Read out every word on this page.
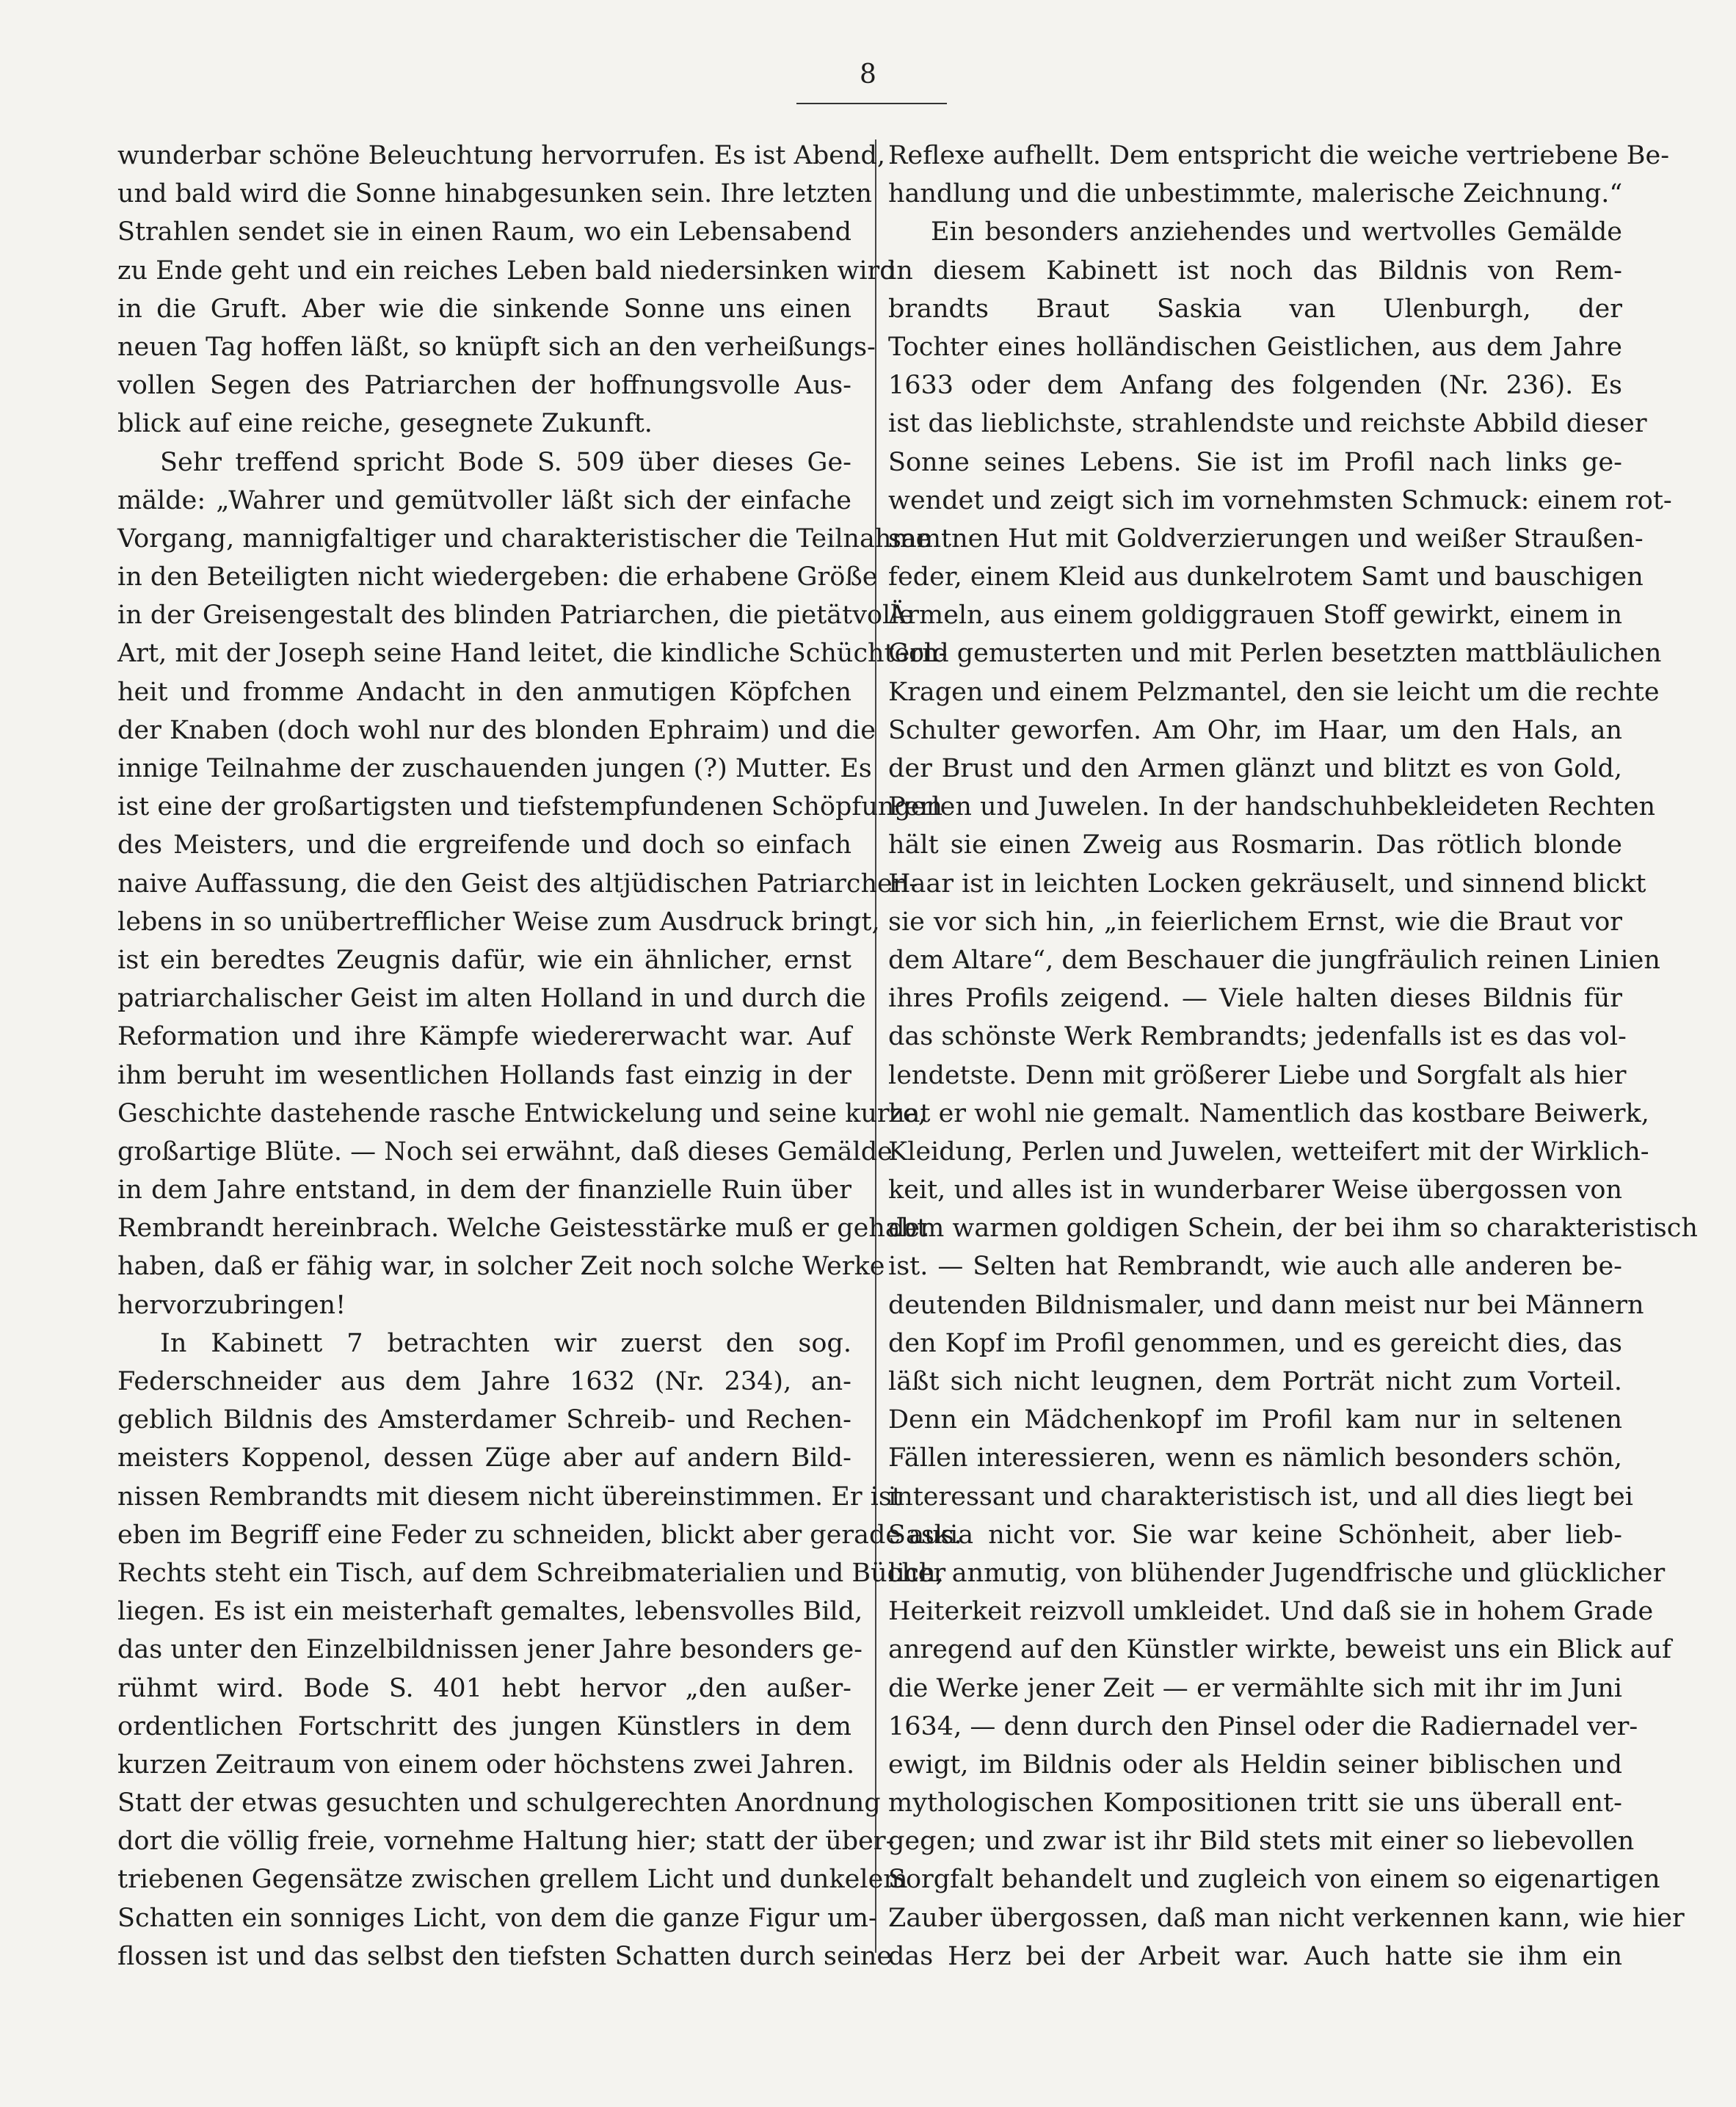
8
wunderbar schöne Beleuchtung hervorrufen. Es ist Abend,
und bald wird die Sonne hinabgesunken sein. Ihre letzten
Strahlen sendet sie in einen Raum, wo ein Lebensabend
zu Ende geht und ein reiches Leben bald niedersinken wird
in die Gruft. Aber wie die sinkende Sonne uns einen
neuen Tag hoffen läßt, so knüpft sich an den verheißungs-
vollen Segen des Patriarchen der hoffnungsvolle Aus-
blick auf eine reiche, gesegnete Zukunft.
Sehr treffend spricht Bode S. 509 über dieses Ge-
mälde: „Wahrer und gemütvoller läßt sich der einfache
Vorgang, mannigfaltiger und charakteristischer die Teilnahme
in den Beteiligten nicht wiedergeben: die erhabene Größe
in der Greisengestalt des blinden Patriarchen, die pietätvolle
Art, mit der Joseph seine Hand leitet, die kindliche Schüchtern-
heit und fromme Andacht in den anmutigen Köpfchen
der Knaben (doch wohl nur des blonden Ephraim) und die
innige Teilnahme der zuschauenden jungen (?) Mutter. Es
ist eine der großartigsten und tiefstempfundenen Schöpfungen
des Meisters, und die ergreifende und doch so einfach
naive Auffassung, die den Geist des altjüdischen Patriarchen-
lebens in so unübertrefflicher Weise zum Ausdruck bringt,
ist ein beredtes Zeugnis dafür, wie ein ähnlicher, ernst
patriarchalischer Geist im alten Holland in und durch die
Reformation und ihre Kämpfe wiedererwacht war. Auf
ihm beruht im wesentlichen Hollands fast einzig in der
Geschichte dastehende rasche Entwickelung und seine kurze,
großartige Blüte. — Noch sei erwähnt, daß dieses Gemälde
in dem Jahre entstand, in dem der finanzielle Ruin über
Rembrandt hereinbrach. Welche Geistesstärke muß er gehabt
haben, daß er fähig war, in solcher Zeit noch solche Werke
hervorzubringen!
In Kabinett 7 betrachten wir zuerst den sog.
Federschneider aus dem Jahre 1632 (Nr. 234), an-
geblich Bildnis des Amsterdamer Schreib- und Rechen-
meisters Koppenol, dessen Züge aber auf andern Bild-
nissen Rembrandts mit diesem nicht übereinstimmen. Er ist
eben im Begriff eine Feder zu schneiden, blickt aber gerade aus.
Rechts steht ein Tisch, auf dem Schreibmaterialien und Bücher
liegen. Es ist ein meisterhaft gemaltes, lebensvolles Bild,
das unter den Einzelbildnissen jener Jahre besonders ge-
rühmt wird. Bode S. 401 hebt hervor „den außer-
ordentlichen Fortschritt des jungen Künstlers in dem
kurzen Zeitraum von einem oder höchstens zwei Jahren.
Statt der etwas gesuchten und schulgerechten Anordnung
dort die völlig freie, vornehme Haltung hier; statt der über-
triebenen Gegensätze zwischen grellem Licht und dunkelem
Schatten ein sonniges Licht, von dem die ganze Figur um-
flossen ist und das selbst den tiefsten Schatten durch seine
Reflexe aufhellt. Dem entspricht die weiche vertriebene Be-
handlung und die unbestimmte, malerische Zeichnung.“
Ein besonders anziehendes und wertvolles Gemälde
in diesem Kabinett ist noch das Bildnis von Rem-
brandts Braut Saskia van Ulenburgh, der
Tochter eines holländischen Geistlichen, aus dem Jahre
1633 oder dem Anfang des folgenden (Nr. 236). Es
ist das lieblichste, strahlendste und reichste Abbild dieser
Sonne seines Lebens. Sie ist im Profil nach links ge-
wendet und zeigt sich im vornehmsten Schmuck: einem rot-
samtnen Hut mit Goldverzierungen und weißer Straußen-
feder, einem Kleid aus dunkelrotem Samt und bauschigen
Ärmeln, aus einem goldiggrauen Stoff gewirkt, einem in
Gold gemusterten und mit Perlen besetzten mattbläulichen
Kragen und einem Pelzmantel, den sie leicht um die rechte
Schulter geworfen. Am Ohr, im Haar, um den Hals, an
der Brust und den Armen glänzt und blitzt es von Gold,
Perlen und Juwelen. In der handschuhbekleideten Rechten
hält sie einen Zweig aus Rosmarin. Das rötlich blonde
Haar ist in leichten Locken gekräuselt, und sinnend blickt
sie vor sich hin, „in feierlichem Ernst, wie die Braut vor
dem Altare“, dem Beschauer die jungfräulich reinen Linien
ihres Profils zeigend. — Viele halten dieses Bildnis für
das schönste Werk Rembrandts; jedenfalls ist es das vol-
lendetste. Denn mit größerer Liebe und Sorgfalt als hier
hat er wohl nie gemalt. Namentlich das kostbare Beiwerk,
Kleidung, Perlen und Juwelen, wetteifert mit der Wirklich-
keit, und alles ist in wunderbarer Weise übergossen von
dem warmen goldigen Schein, der bei ihm so charakteristisch
ist. — Selten hat Rembrandt, wie auch alle anderen be-
deutenden Bildnismaler, und dann meist nur bei Männern
den Kopf im Profil genommen, und es gereicht dies, das
läßt sich nicht leugnen, dem Porträt nicht zum Vorteil.
Denn ein Mädchenkopf im Profil kam nur in seltenen
Fällen interessieren, wenn es nämlich besonders schön,
interessant und charakteristisch ist, und all dies liegt bei
Saskia nicht vor. Sie war keine Schönheit, aber lieb-
lich, anmutig, von blühender Jugendfrische und glücklicher
Heiterkeit reizvoll umkleidet. Und daß sie in hohem Grade
anregend auf den Künstler wirkte, beweist uns ein Blick auf
die Werke jener Zeit — er vermählte sich mit ihr im Juni
1634, — denn durch den Pinsel oder die Radiernadel ver-
ewigt, im Bildnis oder als Heldin seiner biblischen und
mythologischen Kompositionen tritt sie uns überall ent-
gegen; und zwar ist ihr Bild stets mit einer so liebevollen
Sorgfalt behandelt und zugleich von einem so eigenartigen
Zauber übergossen, daß man nicht verkennen kann, wie hier
das Herz bei der Arbeit war. Auch hatte sie ihm ein
